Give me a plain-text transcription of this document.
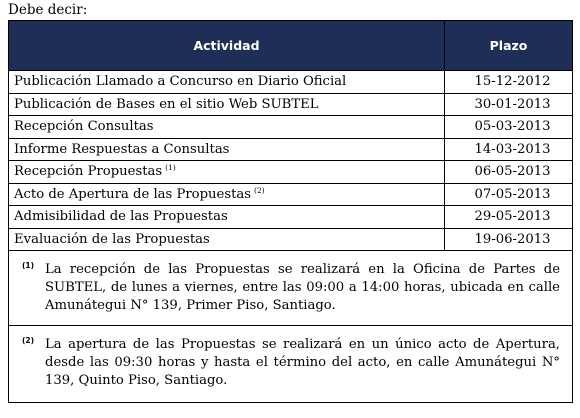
Debe decir:
Actividad	Plazo
Publicación Llamado a Concurso en Diario Oficial	15-12-2012
Publicación de Bases en el sitio Web SUBTEL	30-01-2013
Recepción Consultas	05-03-2013
Informe Respuestas a Consultas	14-03-2013
Recepción Propuestas $^{(1)}$	06-05-2013
Acto de Apertura de las Propuestas $^{(2)}$	07-05-2013
Admisibilidad de las Propuestas	29-05-2013
Evaluación de las Propuestas	19-06-2013

(1) La recepción de las Propuestas se realizará en la Oficina de Partes de SUBTEL, de lunes a viernes, entre las 09:00 a 14:00 horas, ubicada en calle Amunátegui N° 139, Primer Piso, Santiago.	

(2) La apertura de las Propuestas se realizará en un único acto de Apertura, desde las 09:30 horas y hasta el término del acto, en calle Amunátegui N° 139, Quinto Piso, Santiago.	
